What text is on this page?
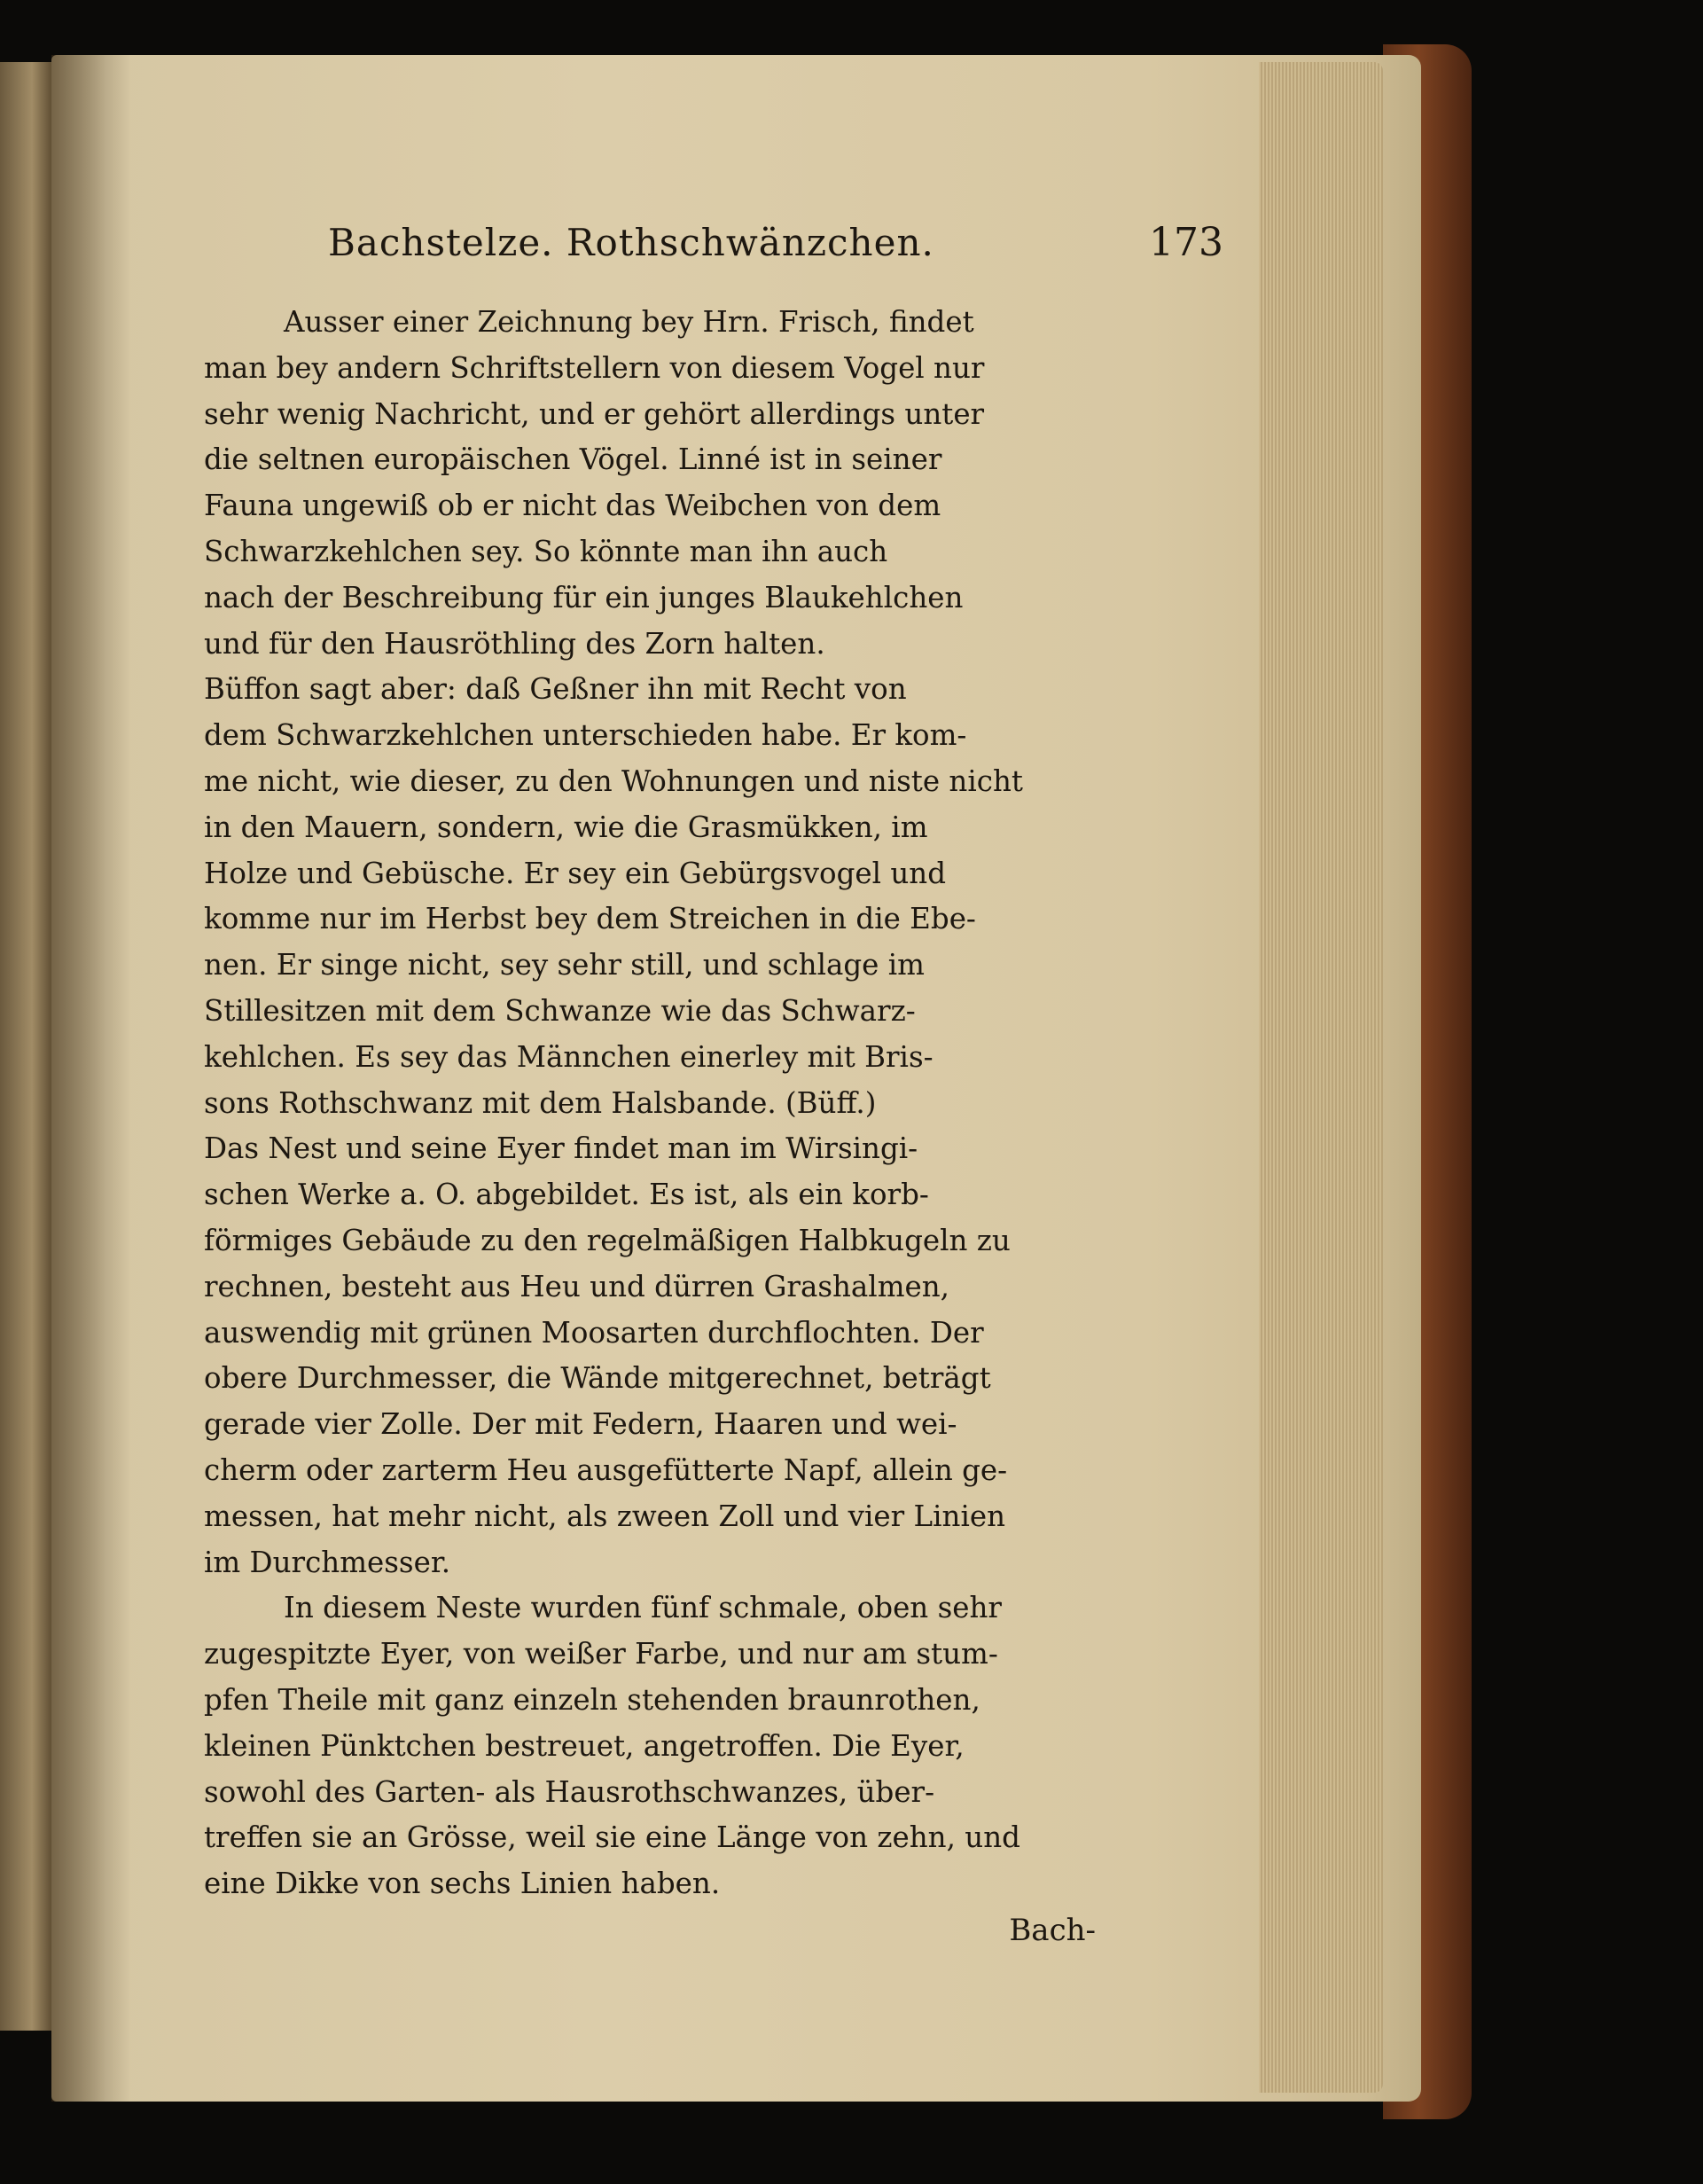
Bachstelze. Rothschwänzchen.	173
Ausser einer Zeichnung bey Hrn. Frisch, findet
man bey andern Schriftstellern von diesem Vogel nur
sehr wenig Nachricht, und er gehört allerdings unter
die seltnen europäischen Vögel. Linné ist in seiner
Fauna ungewiß ob er nicht das Weibchen von dem
Schwarzkehlchen sey. So könnte man ihn auch
nach der Beschreibung für ein junges Blaukehlchen
und für den Hausröthling des Zorn halten.
Büffon sagt aber: daß Geßner ihn mit Recht von
dem Schwarzkehlchen unterschieden habe. Er kom-
me nicht, wie dieser, zu den Wohnungen und niste nicht
in den Mauern, sondern, wie die Grasmükken, im
Holze und Gebüsche. Er sey ein Gebürgsvogel und
komme nur im Herbst bey dem Streichen in die Ebe-
nen. Er singe nicht, sey sehr still, und schlage im
Stillesitzen mit dem Schwanze wie das Schwarz-
kehlchen. Es sey das Männchen einerley mit Bris-
sons Rothschwanz mit dem Halsbande. (Büff.)
Das Nest und seine Eyer findet man im Wirsingi-
schen Werke a. O. abgebildet. Es ist, als ein korb-
förmiges Gebäude zu den regelmäßigen Halbkugeln zu
rechnen, besteht aus Heu und dürren Grashalmen,
auswendig mit grünen Moosarten durchflochten. Der
obere Durchmesser, die Wände mitgerechnet, beträgt
gerade vier Zolle. Der mit Federn, Haaren und wei-
cherm oder zarterm Heu ausgefütterte Napf, allein ge-
messen, hat mehr nicht, als zween Zoll und vier Linien
im Durchmesser.
In diesem Neste wurden fünf schmale, oben sehr
zugespitzte Eyer, von weißer Farbe, und nur am stum-
pfen Theile mit ganz einzeln stehenden braunrothen,
kleinen Pünktchen bestreuet, angetroffen. Die Eyer,
sowohl des Garten- als Hausrothschwanzes, über-
treffen sie an Grösse, weil sie eine Länge von zehn, und
eine Dikke von sechs Linien haben.
Bach-
